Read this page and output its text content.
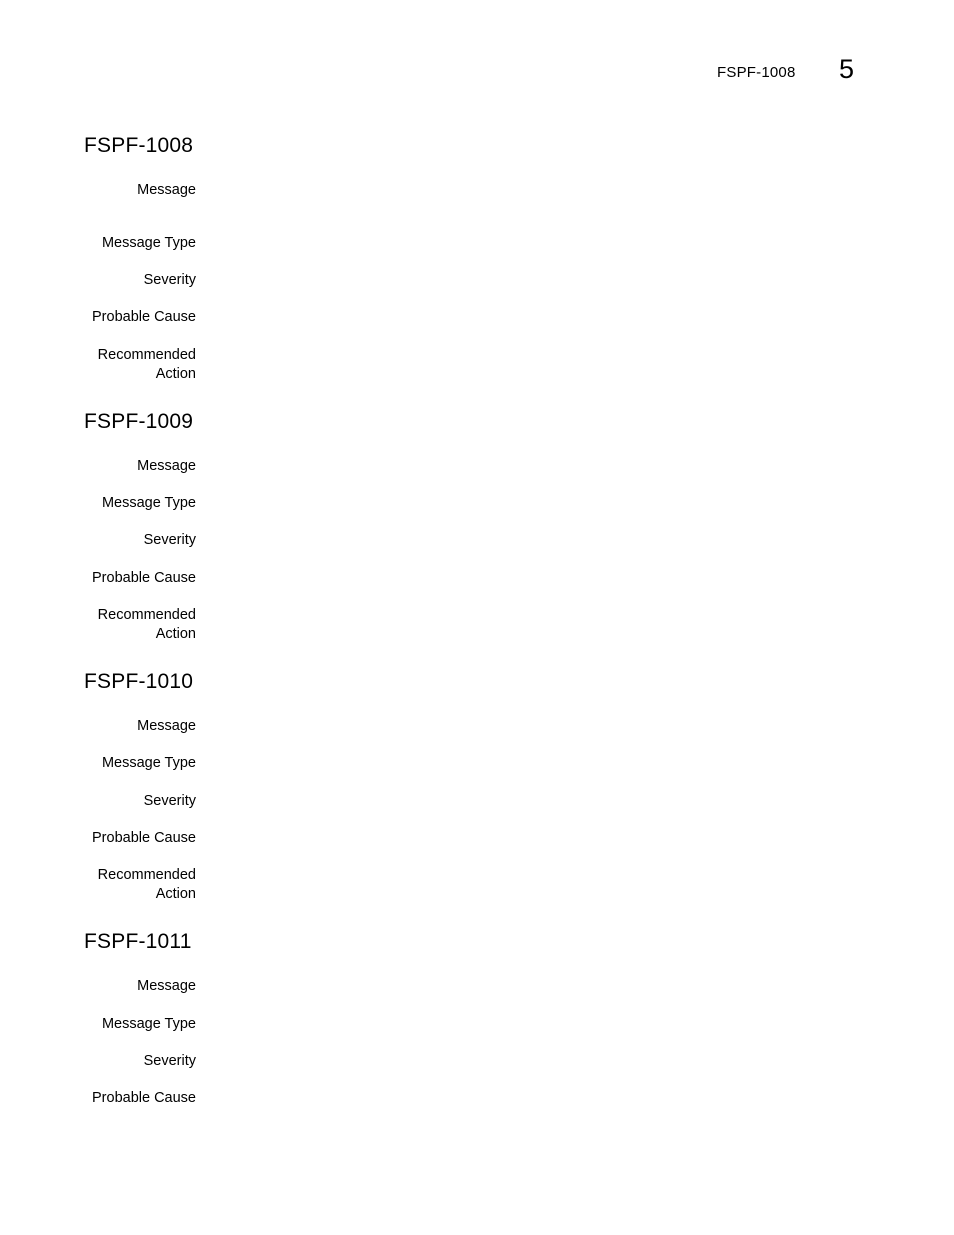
FSPF-1008 5
FSPF-1008
Message
Message Type
Severity
Probable Cause
Recommended
Action
FSPF-1009
Message
Message Type
Severity
Probable Cause
Recommended
Action
FSPF-1010
Message
Message Type
Severity
Probable Cause
Recommended
Action
FSPF-1011
Message
Message Type
Severity
Probable Cause
